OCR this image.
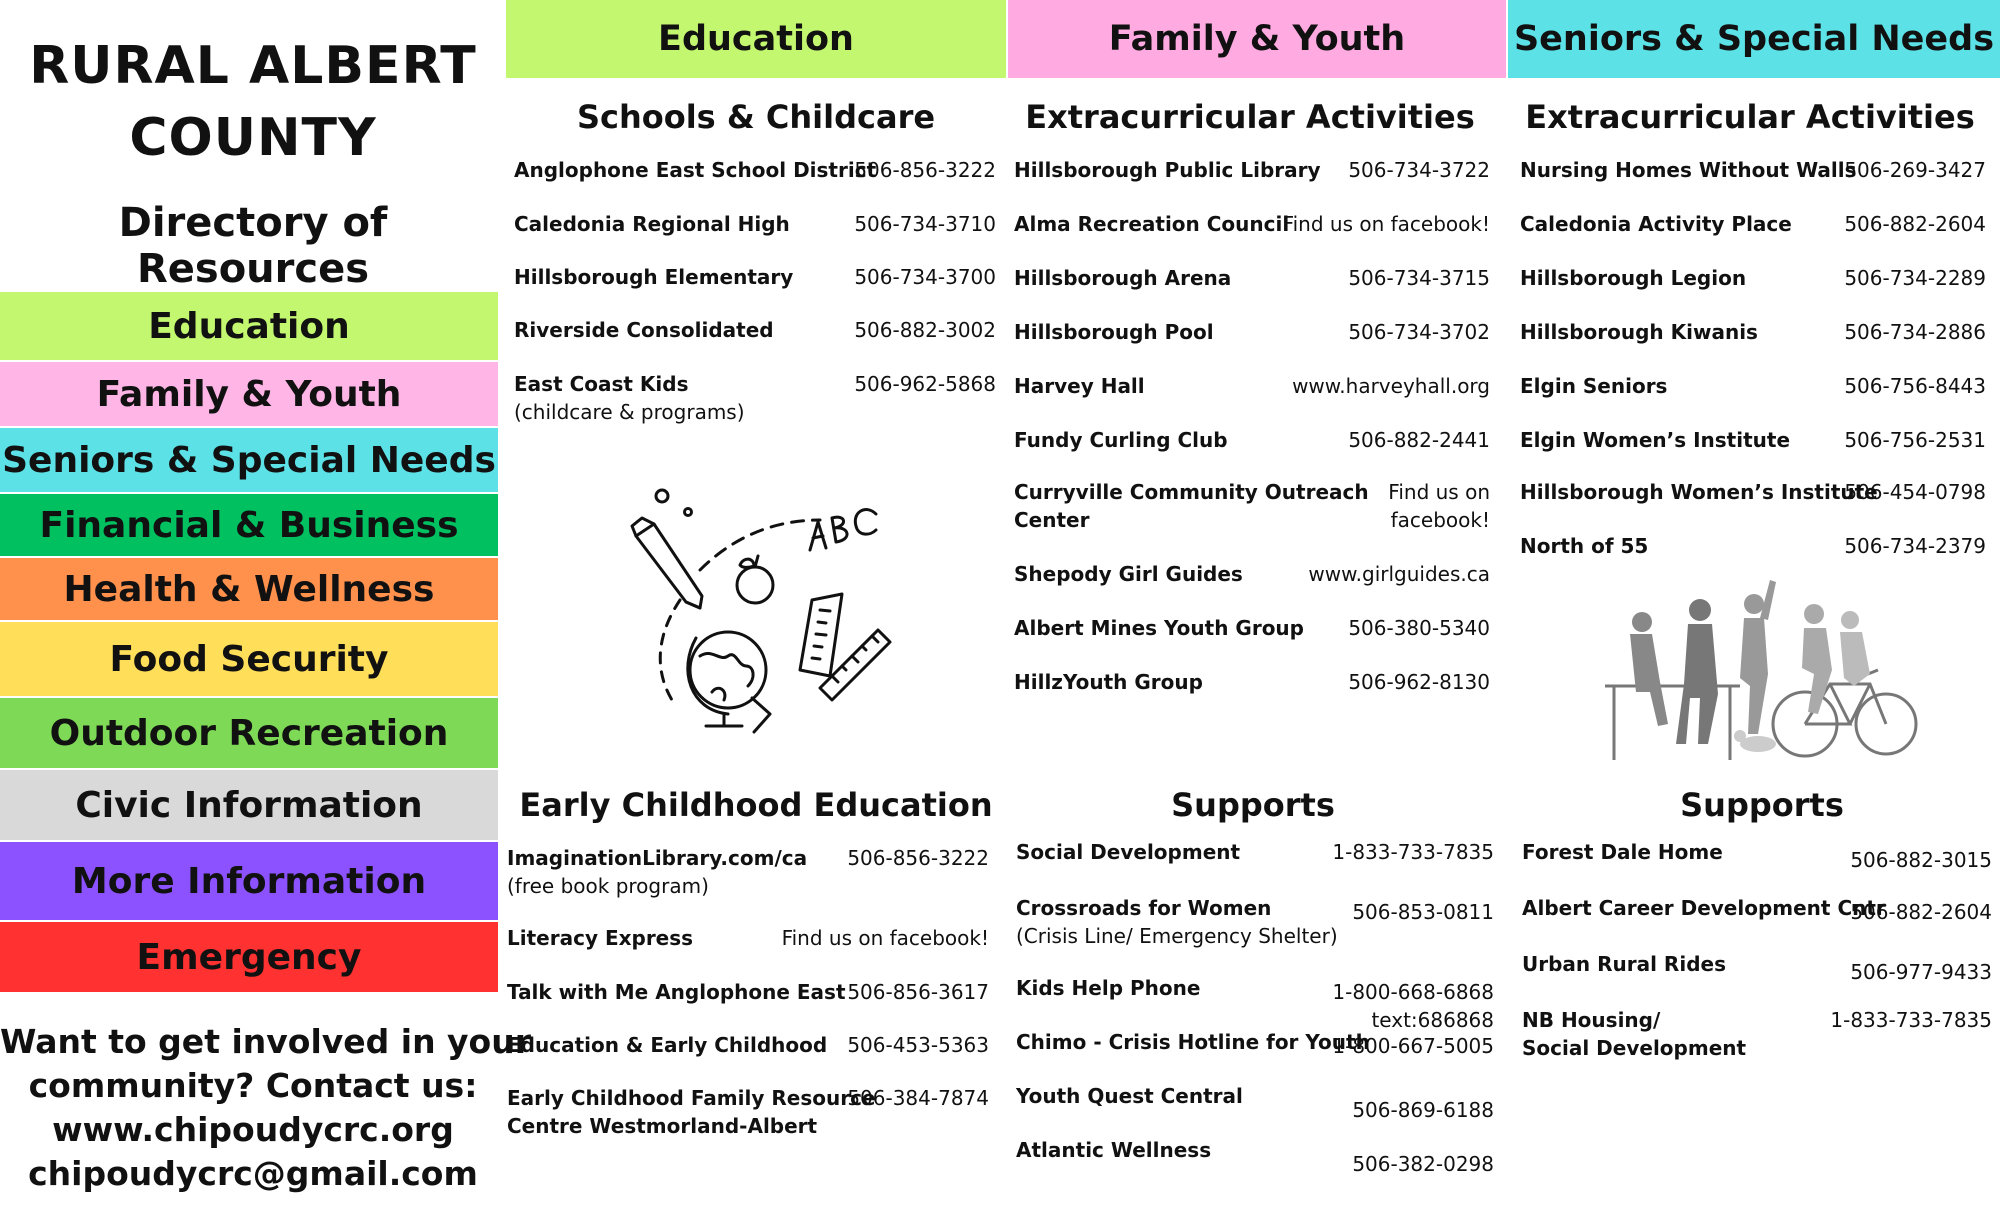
RURAL ALBERT
COUNTY
Directory of Resources
Education
Family & Youth
Seniors & Special Needs
Financial & Business
Health & Wellness
Food Security
Outdoor Recreation
Civic Information
More Information
Emergency
Want to get involved in your
community? Contact us:
www.chipoudycrc.org
chipoudycrc@gmail.com
Education	Family & Youth	Seniors & Special Needs
Schools & Childcare	Extracurricular Activities	Extracurricular Activities
Early Childhood Education	Supports	Supports
Anglophone East School District
506-856-3222
Caledonia Regional High	506-734-3710
Hillsborough Elementary	506-734-3700
Riverside Consolidated	506-882-3002
East Coast Kids
(childcare & programs)
506-962-5868
ImaginationLibrary.com/ca
(free book program)
506-856-3222
Literacy Express	Find us on facebook!
Talk with Me Anglophone East 506-856-3617
Education & Early Childhood	506-453-5363
Early Childhood Family Resource
Centre Westmorland-Albert
506-384-7874
Hillsborough Public Library	506-734-3722
Alma Recreation Council
Find us on facebook!
Hillsborough Arena	506-734-3715
Hillsborough Pool	506-734-3702
Harvey Hall	www.harveyhall.org
Fundy Curling Club	506-882-2441
Curryville Community Outreach
Center
Find us on
facebook!
Shepody Girl Guides	www.girlguides.ca
Albert Mines Youth Group	506-380-5340
HillzYouth Group	506-962-8130
Social Development	1-833-733-7835
Crossroads for Women
(Crisis Line/ Emergency Shelter)
506-853-0811
Kids Help Phone	1-800-668-6868
text:686868
Chimo - Crisis Hotline for Youth
1-800-667-5005
Youth Quest Central
506-869-6188
Atlantic Wellness
506-382-0298
Nursing Homes Without Walls
506-269-3427
Caledonia Activity Place	506-882-2604
Hillsborough Legion	506-734-2289
Hillsborough Kiwanis	506-734-2886
Elgin Seniors	506-756-8443
Elgin Women’s Institute	506-756-2531
Hillsborough Women’s Institute
506-454-0798
North of 55	506-734-2379
Forest Dale Home	506-882-3015
Albert Career Development Cntr
506-882-2604
Urban Rural Rides	506-977-9433
NB Housing/
Social Development
1-833-733-7835
